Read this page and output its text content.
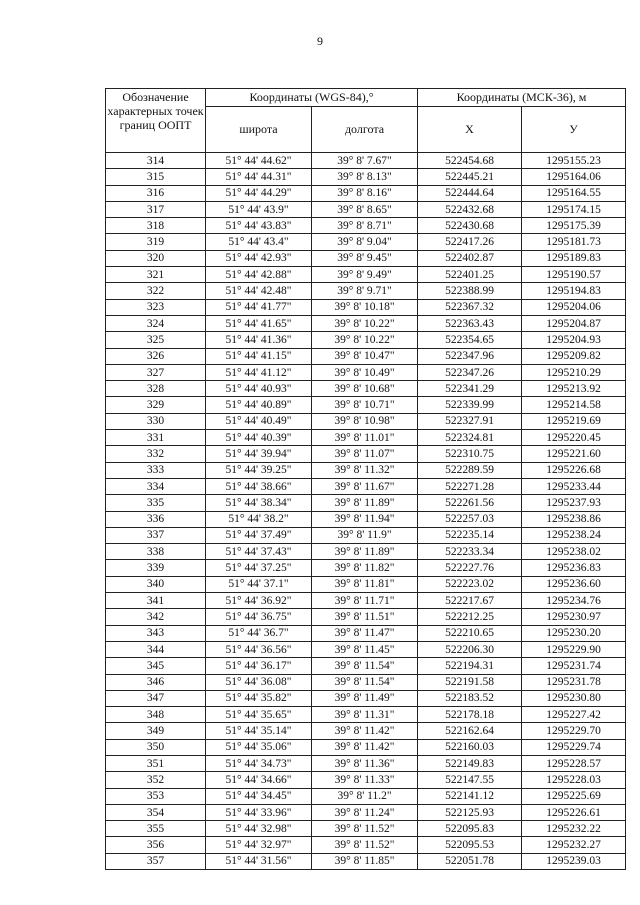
9
Обозначение характерных точек границ ООПТ	Координаты (WGS-84),°		Координаты (МСК-36), м	
	широта	долгота	X	У
314	51° 44' 44.62"	39° 8' 7.67"	522454.68	1295155.23
315	51° 44' 44.31"	39° 8' 8.13"	522445.21	1295164.06
316	51° 44' 44.29"	39° 8' 8.16"	522444.64	1295164.55
317	51° 44' 43.9"	39° 8' 8.65"	522432.68	1295174.15
318	51° 44' 43.83"	39° 8' 8.71"	522430.68	1295175.39
319	51° 44' 43.4"	39° 8' 9.04"	522417.26	1295181.73
320	51° 44' 42.93"	39° 8' 9.45"	522402.87	1295189.83
321	51° 44' 42.88"	39° 8' 9.49"	522401.25	1295190.57
322	51° 44' 42.48"	39° 8' 9.71"	522388.99	1295194.83
323	51° 44' 41.77"	39° 8' 10.18"	522367.32	1295204.06
324	51° 44' 41.65"	39° 8' 10.22"	522363.43	1295204.87
325	51° 44' 41.36"	39° 8' 10.22"	522354.65	1295204.93
326	51° 44' 41.15"	39° 8' 10.47"	522347.96	1295209.82
327	51° 44' 41.12"	39° 8' 10.49"	522347.26	1295210.29
328	51° 44' 40.93"	39° 8' 10.68"	522341.29	1295213.92
329	51° 44' 40.89"	39° 8' 10.71"	522339.99	1295214.58
330	51° 44' 40.49"	39° 8' 10.98"	522327.91	1295219.69
331	51° 44' 40.39"	39° 8' 11.01"	522324.81	1295220.45
332	51° 44' 39.94"	39° 8' 11.07"	522310.75	1295221.60
333	51° 44' 39.25"	39° 8' 11.32"	522289.59	1295226.68
334	51° 44' 38.66"	39° 8' 11.67"	522271.28	1295233.44
335	51° 44' 38.34"	39° 8' 11.89"	522261.56	1295237.93
336	51° 44' 38.2"	39° 8' 11.94"	522257.03	1295238.86
337	51° 44' 37.49"	39° 8' 11.9"	522235.14	1295238.24
338	51° 44' 37.43"	39° 8' 11.89"	522233.34	1295238.02
339	51° 44' 37.25"	39° 8' 11.82"	522227.76	1295236.83
340	51° 44' 37.1"	39° 8' 11.81"	522223.02	1295236.60
341	51° 44' 36.92"	39° 8' 11.71"	522217.67	1295234.76
342	51° 44' 36.75"	39° 8' 11.51"	522212.25	1295230.97
343	51° 44' 36.7"	39° 8' 11.47"	522210.65	1295230.20
344	51° 44' 36.56"	39° 8' 11.45"	522206.30	1295229.90
345	51° 44' 36.17"	39° 8' 11.54"	522194.31	1295231.74
346	51° 44' 36.08"	39° 8' 11.54"	522191.58	1295231.78
347	51° 44' 35.82"	39° 8' 11.49"	522183.52	1295230.80
348	51° 44' 35.65"	39° 8' 11.31"	522178.18	1295227.42
349	51° 44' 35.14"	39° 8' 11.42"	522162.64	1295229.70
350	51° 44' 35.06"	39° 8' 11.42"	522160.03	1295229.74
351	51° 44' 34.73"	39° 8' 11.36"	522149.83	1295228.57
352	51° 44' 34.66"	39° 8' 11.33"	522147.55	1295228.03
353	51° 44' 34.45"	39° 8' 11.2"	522141.12	1295225.69
354	51° 44' 33.96"	39° 8' 11.24"	522125.93	1295226.61
355	51° 44' 32.98"	39° 8' 11.52"	522095.83	1295232.22
356	51° 44' 32.97"	39° 8' 11.52"	522095.53	1295232.27
357	51° 44' 31.56"	39° 8' 11.85"	522051.78	1295239.03
